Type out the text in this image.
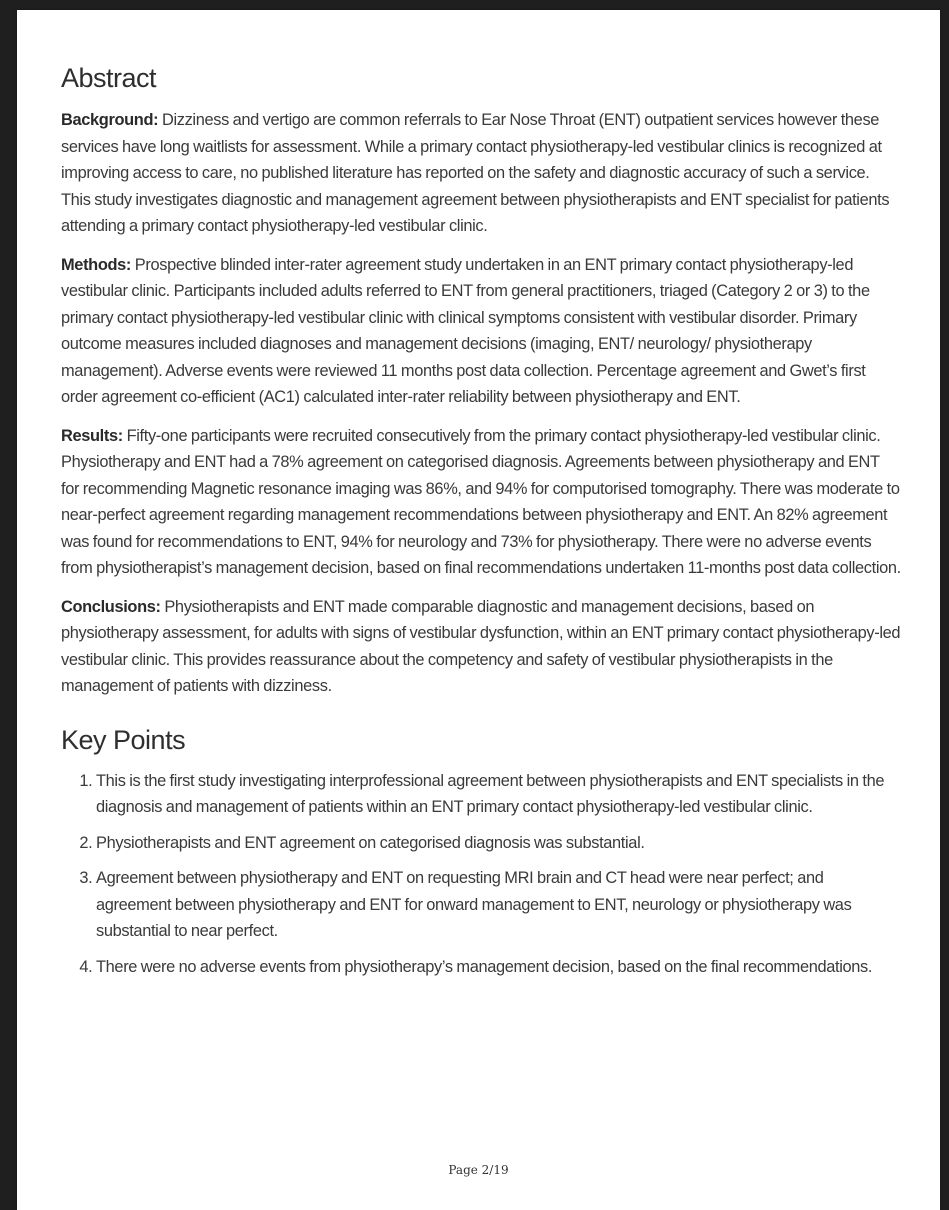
Abstract

Background: Dizziness and vertigo are common referrals to Ear Nose Throat (ENT) outpatient services however these services have long waitlists for assessment. While a primary contact physiotherapy-led vestibular clinics is recognized at improving access to care, no published literature has reported on the safety and diagnostic accuracy of such a service. This study investigates diagnostic and management agreement between physiotherapists and ENT specialist for patients attending a primary contact physiotherapy-led vestibular clinic.

Methods: Prospective blinded inter-rater agreement study undertaken in an ENT primary contact physiotherapy-led vestibular clinic. Participants included adults referred to ENT from general practitioners, triaged (Category 2 or 3) to the primary contact physiotherapy-led vestibular clinic with clinical symptoms consistent with vestibular disorder. Primary outcome measures included diagnoses and management decisions (imaging, ENT/ neurology/ physiotherapy management). Adverse events were reviewed 11 months post data collection. Percentage agreement and Gwet’s first order agreement co-efficient (AC1) calculated inter-rater reliability between physiotherapy and ENT.

Results: Fifty-one participants were recruited consecutively from the primary contact physiotherapy-led vestibular clinic. Physiotherapy and ENT had a 78% agreement on categorised diagnosis. Agreements between physiotherapy and ENT for recommending Magnetic resonance imaging was 86%, and 94% for computorised tomography. There was moderate to near-perfect agreement regarding management recommendations between physiotherapy and ENT. An 82% agreement was found for recommendations to ENT, 94% for neurology and 73% for physiotherapy. There were no adverse events from physiotherapist’s management decision, based on final recommendations undertaken 11-months post data collection.

Conclusions: Physiotherapists and ENT made comparable diagnostic and management decisions, based on physiotherapy assessment, for adults with signs of vestibular dysfunction, within an ENT primary contact physiotherapy-led vestibular clinic. This provides reassurance about the competency and safety of vestibular physiotherapists in the management of patients with dizziness.

Key Points
1. This is the first study investigating interprofessional agreement between physiotherapists and ENT specialists in the diagnosis and management of patients within an ENT primary contact physiotherapy-led vestibular clinic.
2. Physiotherapists and ENT agreement on categorised diagnosis was substantial.
3. Agreement between physiotherapy and ENT on requesting MRI brain and CT head were near perfect; and agreement between physiotherapy and ENT for onward management to ENT, neurology or physiotherapy was substantial to near perfect.
4. There were no adverse events from physiotherapy’s management decision, based on the final recommendations.
Page 2/19
